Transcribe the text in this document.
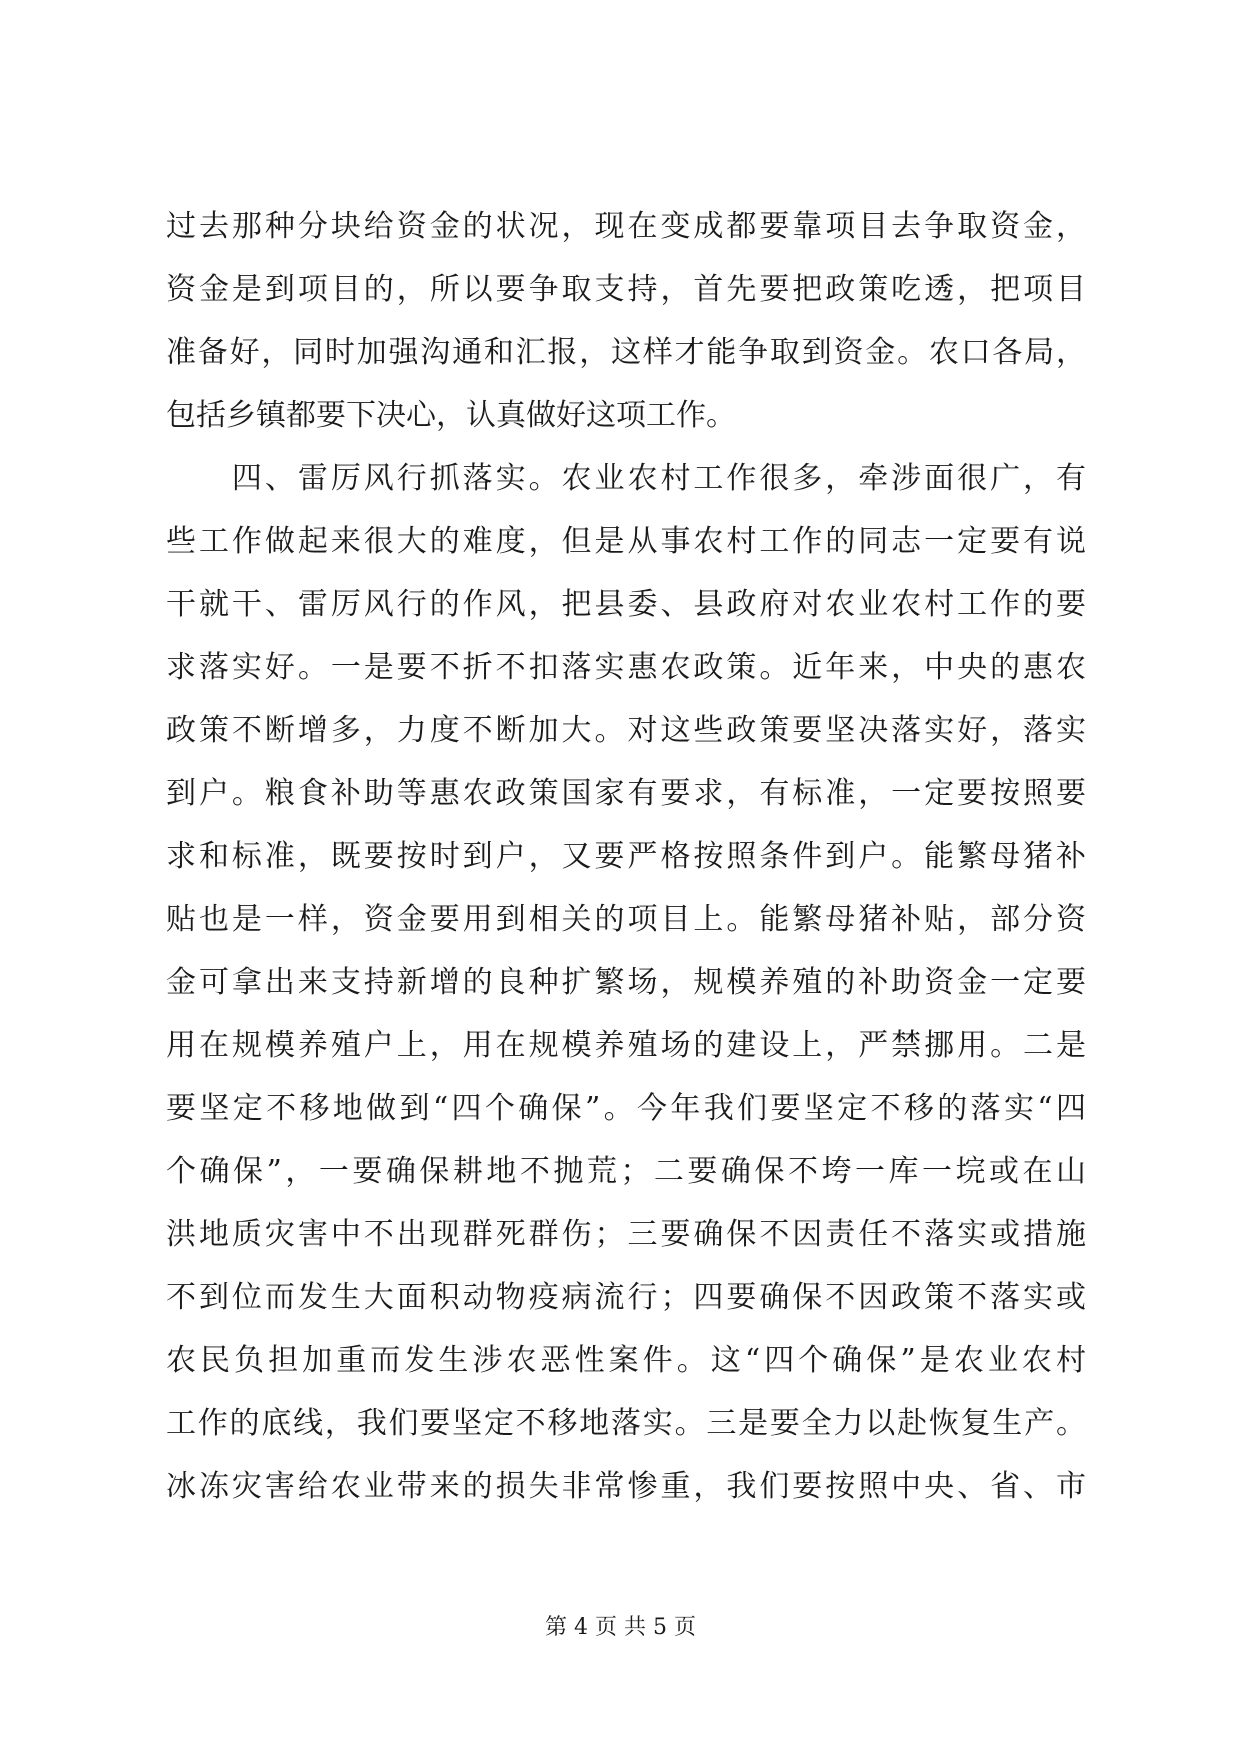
过去那种分块给资金的状况，现在变成都要靠项目去争取资金，
资金是到项目的，所以要争取支持，首先要把政策吃透，把项目
准备好，同时加强沟通和汇报，这样才能争取到资金。农口各局，
包括乡镇都要下决心，认真做好这项工作。
　　四、雷厉风行抓落实。农业农村工作很多，牵涉面很广，有
些工作做起来很大的难度，但是从事农村工作的同志一定要有说
干就干、雷厉风行的作风，把县委、县政府对农业农村工作的要
求落实好。一是要不折不扣落实惠农政策。近年来，中央的惠农
政策不断增多，力度不断加大。对这些政策要坚决落实好，落实
到户。粮食补助等惠农政策国家有要求，有标准，一定要按照要
求和标准，既要按时到户，又要严格按照条件到户。能繁母猪补
贴也是一样，资金要用到相关的项目上。能繁母猪补贴，部分资
金可拿出来支持新增的良种扩繁场，规模养殖的补助资金一定要
用在规模养殖户上，用在规模养殖场的建设上，严禁挪用。二是
要坚定不移地做到“四个确保”。今年我们要坚定不移的落实“四
个确保”，一要确保耕地不抛荒；二要确保不垮一库一垸或在山
洪地质灾害中不出现群死群伤；三要确保不因责任不落实或措施
不到位而发生大面积动物疫病流行；四要确保不因政策不落实或
农民负担加重而发生涉农恶性案件。这“四个确保”是农业农村
工作的底线，我们要坚定不移地落实。三是要全力以赴恢复生产。
冰冻灾害给农业带来的损失非常惨重，我们要按照中央、省、市
第 4 页 共 5 页
